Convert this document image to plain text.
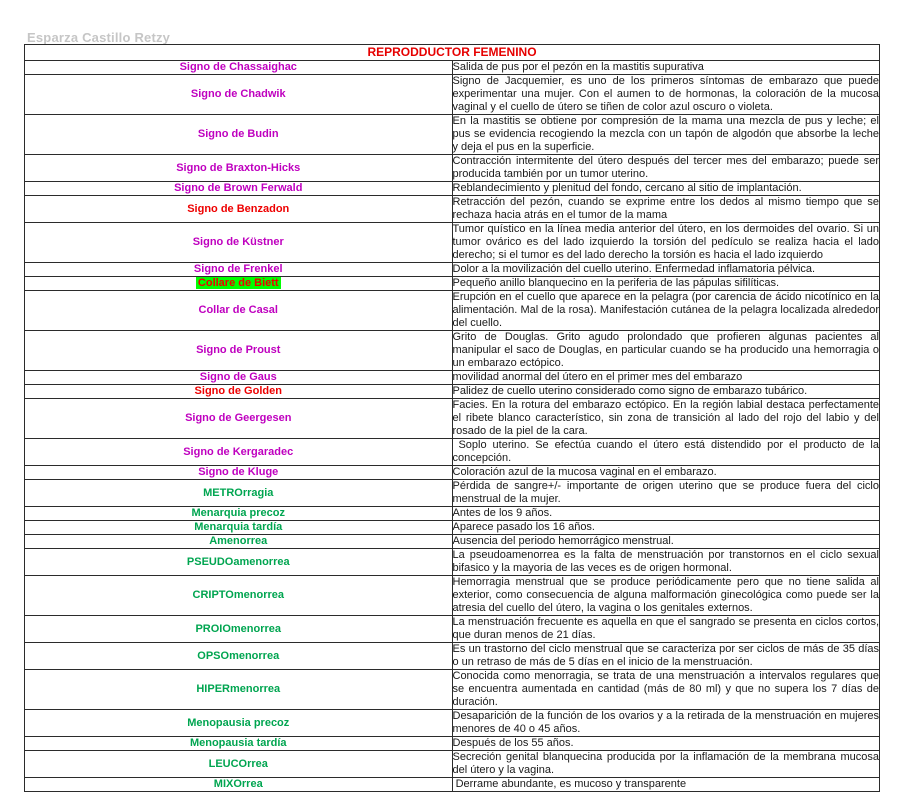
Esparza Castillo Retzy
REPRODDUCTOR FEMENINO	
Signo de Chassaighac	Salida de pus por el pezón en la mastitis supurativa
Signo de Chadwik	Signo de Jacquemier, es uno de los primeros síntomas de embarazo que puede experimentar una mujer. Con el aumen to de hormonas, la coloración de la mucosa vaginal y el cuello de útero se tiñen de color azul oscuro o violeta.
Signo de Budin	En la mastitis se obtiene por compresión de la mama una mezcla de pus y leche; el pus se evidencia recogiendo la mezcla con un tapón de algodón que absorbe la leche y deja el pus en la superficie.
Signo de Braxton-Hicks	Contracción intermitente del útero después del tercer mes del embarazo; puede ser producida también por un tumor uterino.
Signo de Brown Ferwald	Reblandecimiento y plenitud del fondo, cercano al sitio de implantación.
Signo de Benzadon	Retracción del pezón, cuando se exprime entre los dedos al mismo tiempo que se rechaza hacia atrás en el tumor de la mama
Signo de Küstner	Tumor quístico en la línea media anterior del útero, en los dermoides del ovario. Si un tumor ovárico es del lado izquierdo la torsión del pedículo se realiza hacia el lado derecho; si el tumor es del lado derecho la torsión es hacia el lado izquierdo
Signo de Frenkel	Dolor a la movilización del cuello uterino. Enfermedad inflamatoria pélvica.
Collare de Biett	Pequeño anillo blanquecino en la periferia de las pápulas sifilíticas.
Collar de Casal	Erupción en el cuello que aparece en la pelagra (por carencia de ácido nicotínico en la alimentación. Mal de la rosa). Manifestación cutánea de la pelagra localizada alrededor del cuello.
Signo de Proust	Grito de Douglas. Grito agudo prolondado que profieren algunas pacientes al manipular el saco de Douglas, en particular cuando se ha producido una hemorragia o un embarazo ectópico.
Signo de Gaus	movilidad anormal del útero en el primer mes del embarazo
Signo de Golden	Palidez de cuello uterino considerado como signo de embarazo tubárico.
Signo de Geergesen	Facies. En la rotura del embarazo ectópico. En la región labial destaca perfectamente el ribete blanco característico, sin zona de transición al lado del rojo del labio y del rosado de la piel de la cara.
Signo de Kergaradec	Soplo uterino. Se efectúa cuando el útero está distendido por el producto de la concepción.
Signo de Kluge	Coloración azul de la mucosa vaginal en el embarazo.
METROrragia	Pérdida de sangre+/- importante de origen uterino que se produce fuera del ciclo menstrual de la mujer.
Menarquia precoz	Antes de los 9 años.
Menarquia tardía	Aparece pasado los 16 años.
Amenorrea	Ausencia del periodo hemorrágico menstrual.
PSEUDOamenorrea	La pseudoamenorrea es la falta de menstruación por transtornos en el ciclo sexual bifasico y la mayoria de las veces es de origen hormonal.
CRIPTOmenorrea	Hemorragia menstrual que se produce periódicamente pero que no tiene salida al exterior, como consecuencia de alguna malformación ginecológica como puede ser la atresia del cuello del útero, la vagina o los genitales externos.
PROIOmenorrea	La menstruación frecuente es aquella en que el sangrado se presenta en ciclos cortos, que duran menos de 21 días.
OPSOmenorrea	Es un trastorno del ciclo menstrual que se caracteriza por ser ciclos de más de 35 días o un retraso de más de 5 días en el inicio de la menstruación.
HIPERmenorrea	Conocida como menorragia, se trata de una menstruación a intervalos regulares que se encuentra aumentada en cantidad (más de 80 ml) y que no supera los 7 días de duración.
Menopausia precoz	Desaparición de la función de los ovarios y a la retirada de la menstruación en mujeres menores de 40 o 45 años.
Menopausia tardía	Después de los 55 años.
LEUCOrrea	Secreción genital blanquecina producida por la inflamación de la membrana mucosa del útero y la vagina.
MIXOrrea	Derrame abundante, es mucoso y transparente
